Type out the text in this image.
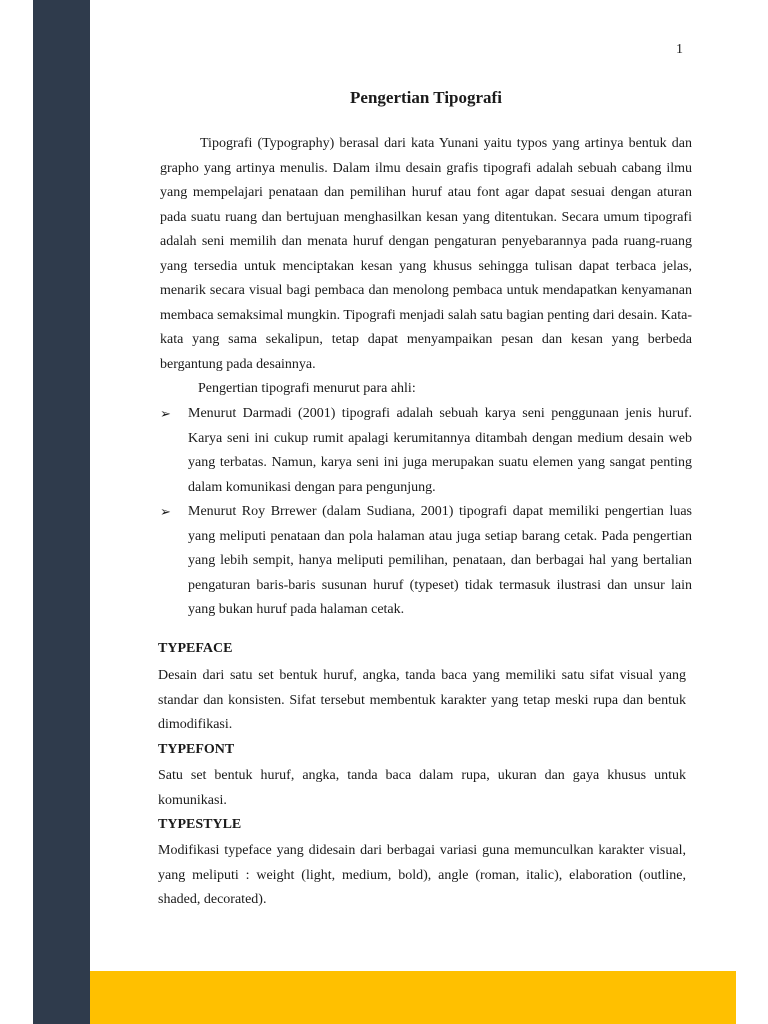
1
Pengertian Tipografi
Tipografi (Typography) berasal dari kata Yunani yaitu typos yang artinya bentuk dan grapho yang artinya menulis. Dalam ilmu desain grafis tipografi adalah sebuah cabang ilmu yang mempelajari penataan dan pemilihan huruf atau font agar dapat sesuai dengan aturan pada suatu ruang dan bertujuan menghasilkan kesan yang ditentukan. Secara umum tipografi adalah seni memilih dan menata huruf dengan pengaturan penyebarannya pada ruang-ruang yang tersedia untuk menciptakan kesan yang khusus sehingga tulisan dapat terbaca jelas, menarik secara visual bagi pembaca dan menolong pembaca untuk mendapatkan kenyamanan membaca semaksimal mungkin. Tipografi menjadi salah satu bagian penting dari desain. Kata-kata yang sama sekalipun, tetap dapat menyampaikan pesan dan kesan yang berbeda bergantung pada desainnya.
Pengertian tipografi menurut para ahli:
➢ Menurut Darmadi (2001) tipografi adalah sebuah karya seni penggunaan jenis huruf. Karya seni ini cukup rumit apalagi kerumitannya ditambah dengan medium desain web yang terbatas. Namun, karya seni ini juga merupakan suatu elemen yang sangat penting dalam komunikasi dengan para pengunjung.
➢ Menurut Roy Brrewer (dalam Sudiana, 2001) tipografi dapat memiliki pengertian luas yang meliputi penataan dan pola halaman atau juga setiap barang cetak. Pada pengertian yang lebih sempit, hanya meliputi pemilihan, penataan, dan berbagai hal yang bertalian pengaturan baris-baris susunan huruf (typeset) tidak termasuk ilustrasi dan unsur lain yang bukan huruf pada halaman cetak.
TYPEFACE
Desain dari satu set bentuk huruf, angka, tanda baca yang memiliki satu sifat visual yang standar dan konsisten. Sifat tersebut membentuk karakter yang tetap meski rupa dan bentuk dimodifikasi.
TYPEFONT
Satu set bentuk huruf, angka, tanda baca dalam rupa, ukuran dan gaya khusus untuk komunikasi.
TYPESTYLE
Modifikasi typeface yang didesain dari berbagai variasi guna memunculkan karakter visual, yang meliputi : weight (light, medium, bold), angle (roman, italic), elaboration (outline, shaded, decorated).
